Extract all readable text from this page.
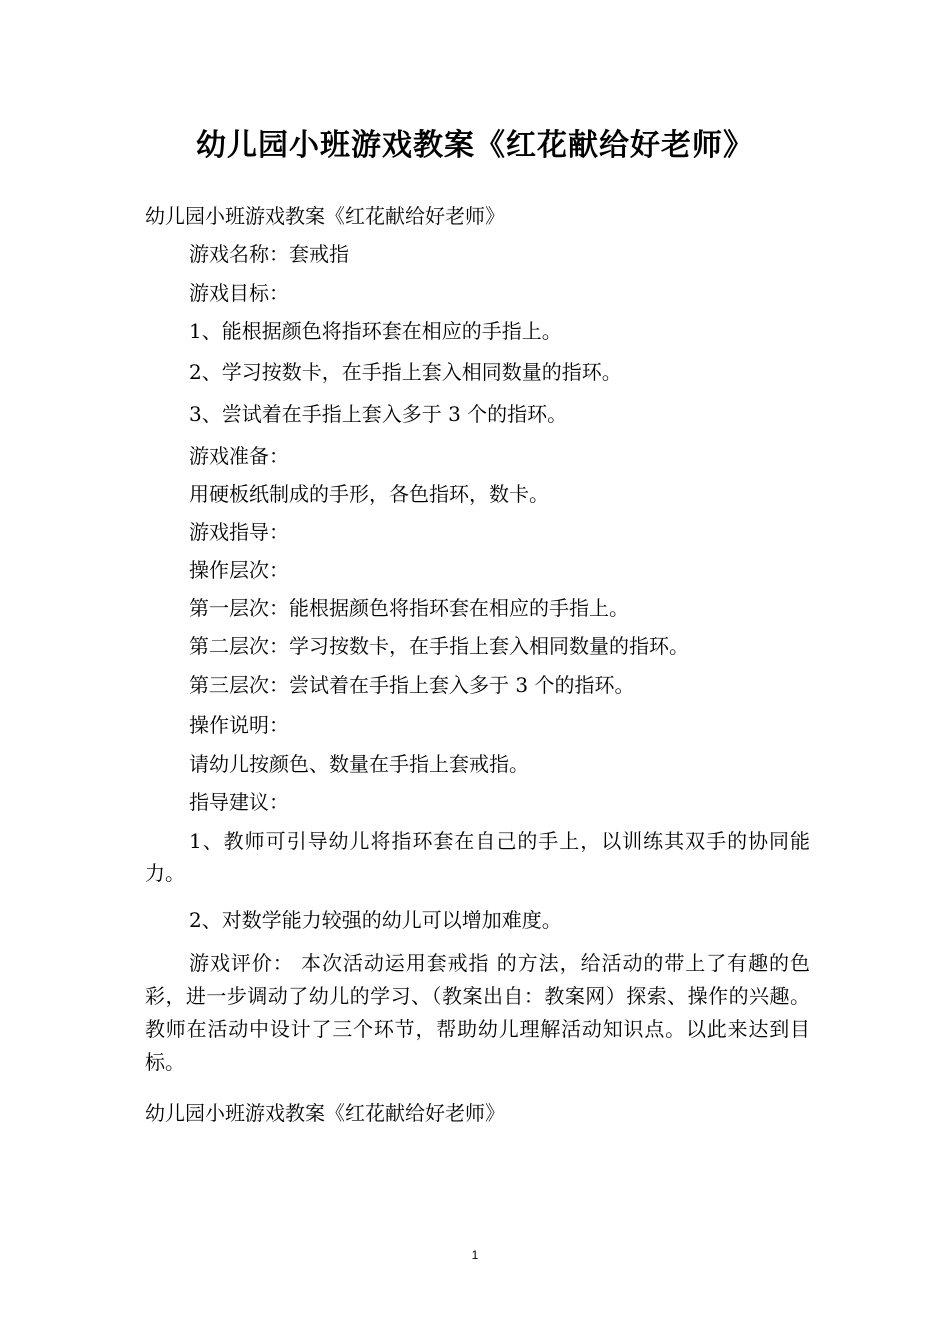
幼儿园小班游戏教案《红花献给好老师》
幼儿园小班游戏教案《红花献给好老师》
游戏名称：套戒指
游戏目标：
1、能根据颜色将指环套在相应的手指上。
2、学习按数卡，在手指上套入相同数量的指环。
3、尝试着在手指上套入多于 3 个的指环。
游戏准备：
用硬板纸制成的手形，各色指环，数卡。
游戏指导：
操作层次：
第一层次：能根据颜色将指环套在相应的手指上。
第二层次：学习按数卡，在手指上套入相同数量的指环。
第三层次：尝试着在手指上套入多于 3 个的指环。
操作说明：
请幼儿按颜色、数量在手指上套戒指。
指导建议：
1、教师可引导幼儿将指环套在自己的手上，以训练其双手的协同能力。
2、对数学能力较强的幼儿可以增加难度。
游戏评价： 本次活动运用套戒指 的方法，给活动的带上了有趣的色彩，进一步调动了幼儿的学习、（教案出自：教案网）探索、操作的兴趣。教师在活动中设计了三个环节，帮助幼儿理解活动知识点。以此来达到目标。
幼儿园小班游戏教案《红花献给好老师》
1
